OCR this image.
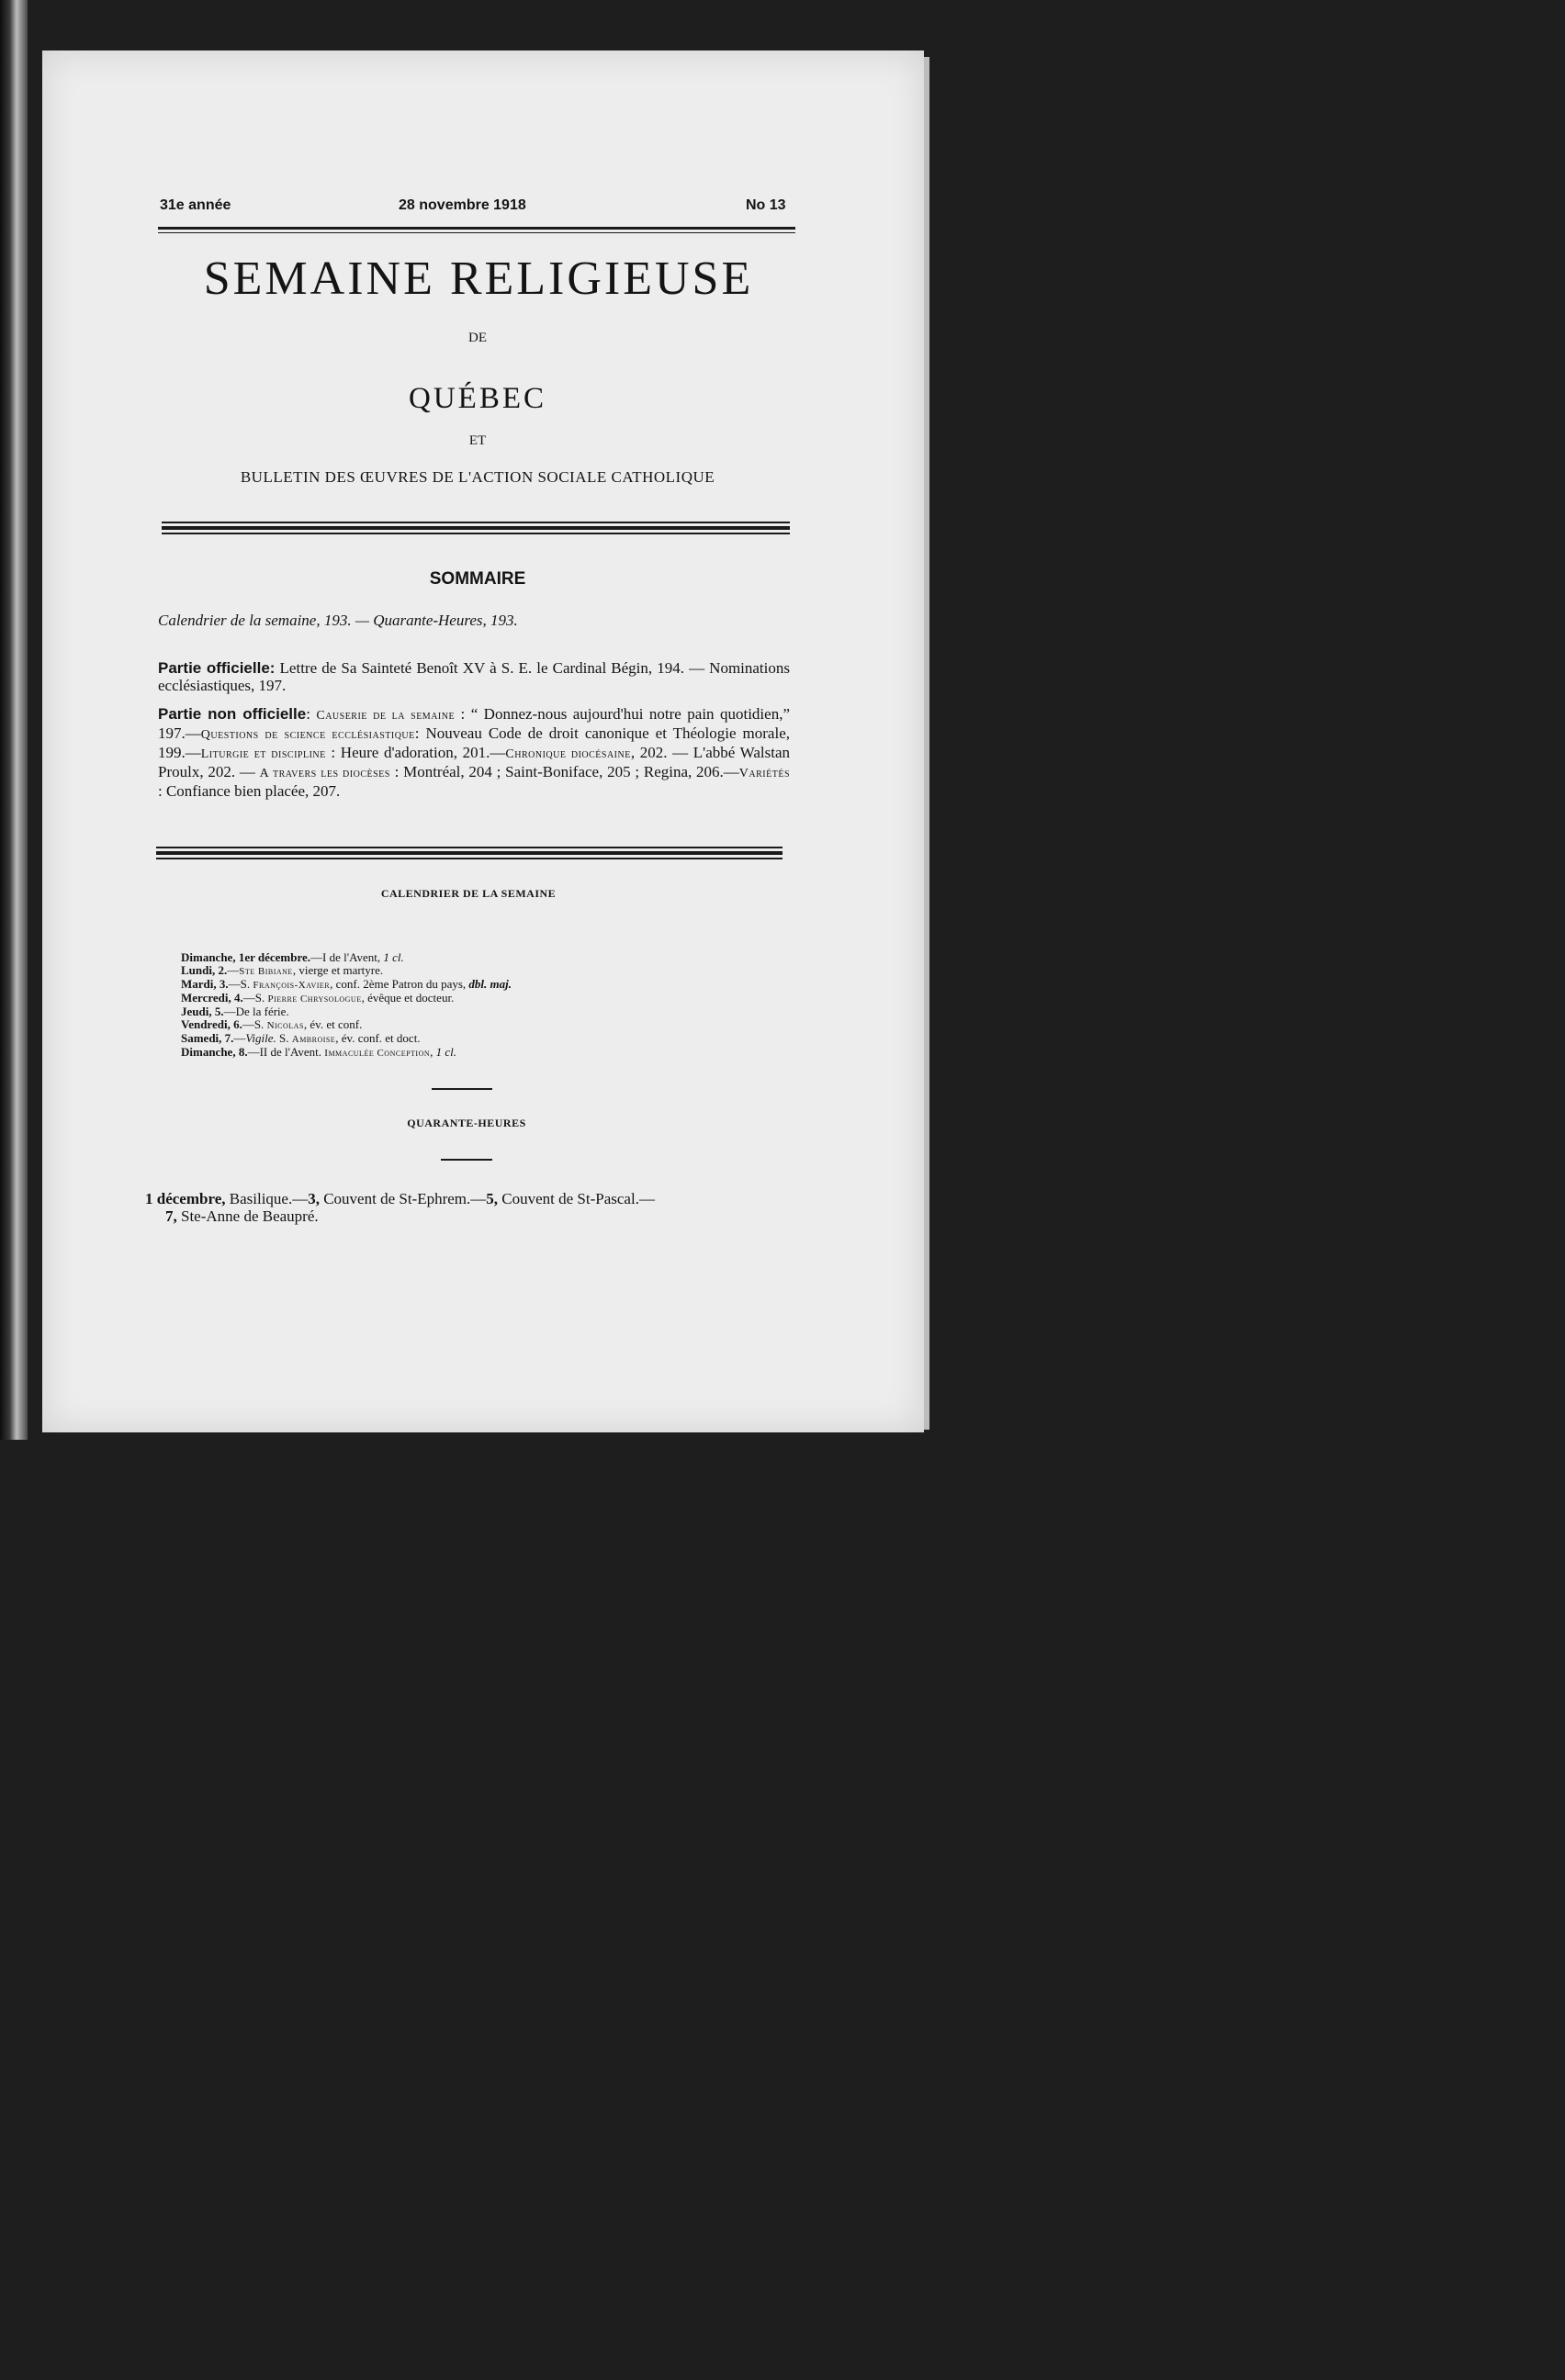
31e année	28 novembre 1918	No 13
SEMAINE RELIGIEUSE
DE
QUÉBEC
ET
BULLETIN DES ŒUVRES DE L'ACTION SOCIALE CATHOLIQUE
SOMMAIRE
Calendrier de la semaine, 193. — Quarante-Heures, 193.
Partie officielle: Lettre de Sa Sainteté Benoît XV à S. E. le Cardinal Bégin, 194. — Nominations ecclésiastiques, 197.
Partie non officielle: Causerie de la semaine : “ Donnez-nous aujourd'hui notre pain quotidien,” 197.—Questions de science ecclésiastique: Nouveau Code de droit canonique et Théologie morale, 199.—Liturgie et discipline : Heure d'adoration, 201.—Chronique diocésaine, 202. — L'abbé Walstan Proulx, 202. — A travers les diocèses : Montréal, 204 ; Saint-Boniface, 205 ; Regina, 206.—Variétés : Confiance bien placée, 207.
CALENDRIER DE LA SEMAINE
Dimanche, 1er décembre.—I de l'Avent, 1 cl.
Lundi, 2.—Ste Bibiane, vierge et martyre.
Mardi, 3.—S. François-Xavier, conf. 2ème Patron du pays, dbl. maj.
Mercredi, 4.—S. Pierre Chrysologue, évêque et docteur.
Jeudi, 5.—De la férie.
Vendredi, 6.—S. Nicolas, év. et conf.
Samedi, 7.—Vigile. S. Ambroise, év. conf. et doct.
Dimanche, 8.—II de l'Avent. Immaculée Conception, 1 cl.
QUARANTE-HEURES
1 décembre, Basilique.—3, Couvent de St-Ephrem.—5, Couvent de St-Pascal.—
7, Ste-Anne de Beaupré.
